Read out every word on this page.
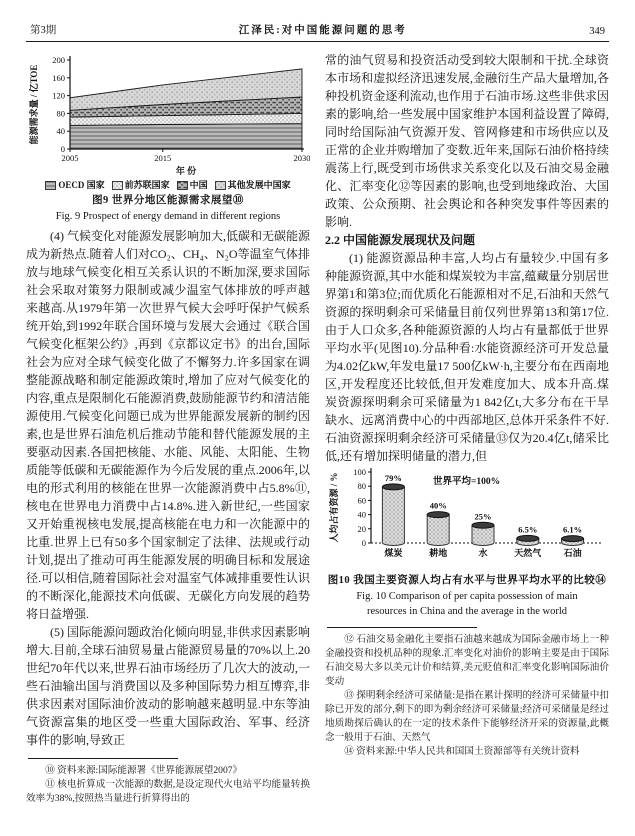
第3期	江泽民:对中国能源问题的思考	349
0
40
80
120
160
200
2005	2015	2030
能源需求量 / 亿TOE
年 份
OECD 国家 前苏联国家 中国 其他发展中国家
图9 世界分地区能源需求展望⑩
Fig. 9 Prospect of energy demand in different regions

(4) 气候变化对能源发展影响加大,低碳和无碳能源成为新热点.随着人们对CO₂、CH₄、N₂O等温室气体排放与地球气候变化相互关系认识的不断加深,要求国际社会采取对策努力限制或减少温室气体排放的呼声越来越高.从1979年第一次世界气候大会呼吁保护气候系统开始,到1992年联合国环境与发展大会通过《联合国气候变化框架公约》,再到《京都议定书》的出台,国际社会为应对全球气候变化做了不懈努力.许多国家在调整能源战略和制定能源政策时,增加了应对气候变化的内容,重点是限制化石能源消费,鼓励能源节约和清洁能源使用.气候变化问题已成为世界能源发展新的制约因素,也是世界石油危机后推动节能和替代能源发展的主要驱动因素.各国把核能、水能、风能、太阳能、生物质能等低碳和无碳能源作为今后发展的重点.2006年,以电的形式利用的核能在世界一次能源消费中占5.8%⑪,核电在世界电力消费中占14.8%.进入新世纪,一些国家又开始重视核电发展,提高核能在电力和一次能源中的比重.世界上已有50多个国家制定了法律、法规或行动计划,提出了推动可再生能源发展的明确目标和发展途径.可以相信,随着国际社会对温室气体减排重要性认识的不断深化,能源技术向低碳、无碳化方向发展的趋势将日益增强.

(5) 国际能源问题政治化倾向明显,非供求因素影响增大.目前,全球石油贸易量占能源贸易量的70%以上.20世纪70年代以来,世界石油市场经历了几次大的波动,一些石油输出国与消费国以及多种国际势力相互博弈,非供求因素对国际油价波动的影响越来越明显.中东等油气资源富集的地区受一些重大国际政治、军事、经济事件的影响,导致正

⑩ 资料来源:国际能源署《世界能源展望2007》

⑪ 核电折算成一次能源的数据,是设定现代火电站平均能量转换效率为38%,按照热当量进行折算得出的

常的油气贸易和投资活动受到较大限制和干扰.全球资本市场和虚拟经济迅速发展,金融衍生产品大量增加,各种投机资金逐利流动,也作用于石油市场.这些非供求因素的影响,给一些发展中国家维护本国利益设置了障碍,同时给国际油气资源开发、管网修建和市场供应以及正常的企业并购增加了变数.近年来,国际石油价格持续震荡上行,既受到市场供求关系变化以及石油交易金融化、汇率变化⑫等因素的影响,也受到地缘政治、大国政策、公众预期、社会舆论和各种突发事件等因素的影响.

2.2 中国能源发展现状及问题

(1) 能源资源品种丰富,人均占有量较少.中国有多种能源资源,其中水能和煤炭较为丰富,蕴藏量分别居世界第1和第3位;而优质化石能源相对不足,石油和天然气资源的探明剩余可采储量目前仅列世界第13和第17位.由于人口众多,各种能源资源的人均占有量都低于世界平均水平(见图10).分品种看:水能资源经济可开发总量为4.02亿kW,年发电量17 500亿kW·h,主要分布在西南地区,开发程度还比较低,但开发难度加大、成本升高.煤炭资源探明剩余可采储量为1 842亿t,大多分布在干旱缺水、远离消费中心的中西部地区,总体开采条件不好.石油资源探明剩余经济可采储量⑬仅为20.4亿t,储采比低,还有增加探明储量的潜力,但

79%
煤炭
40%
耕地
25%
水
6.5%
天然气
6.1%
石油
0
20
40
60
80
100
世界平均=100%
人均占有资源 / %
图10 我国主要资源人均占有水平与世界平均水平的比较⑭
Fig. 10 Comparison of per capita possession of main
resources in China and the average in the world

⑫ 石油交易金融化主要指石油越来越成为国际金融市场上一种金融投资和投机品种的现象.汇率变化对油价的影响主要是由于国际石油交易大多以美元计价和结算,美元贬值和汇率变化影响国际油价变动

⑬ 探明剩余经济可采储量:是指在累计探明的经济可采储量中扣除已开发的部分,剩下的即为剩余经济可采储量;经济可采储量是经过地质勘探后确认的在一定的技术条件下能够经济开采的资源量,此概念一般用于石油、天然气

⑭ 资料来源:中华人民共和国国土资源部等有关统计资料
